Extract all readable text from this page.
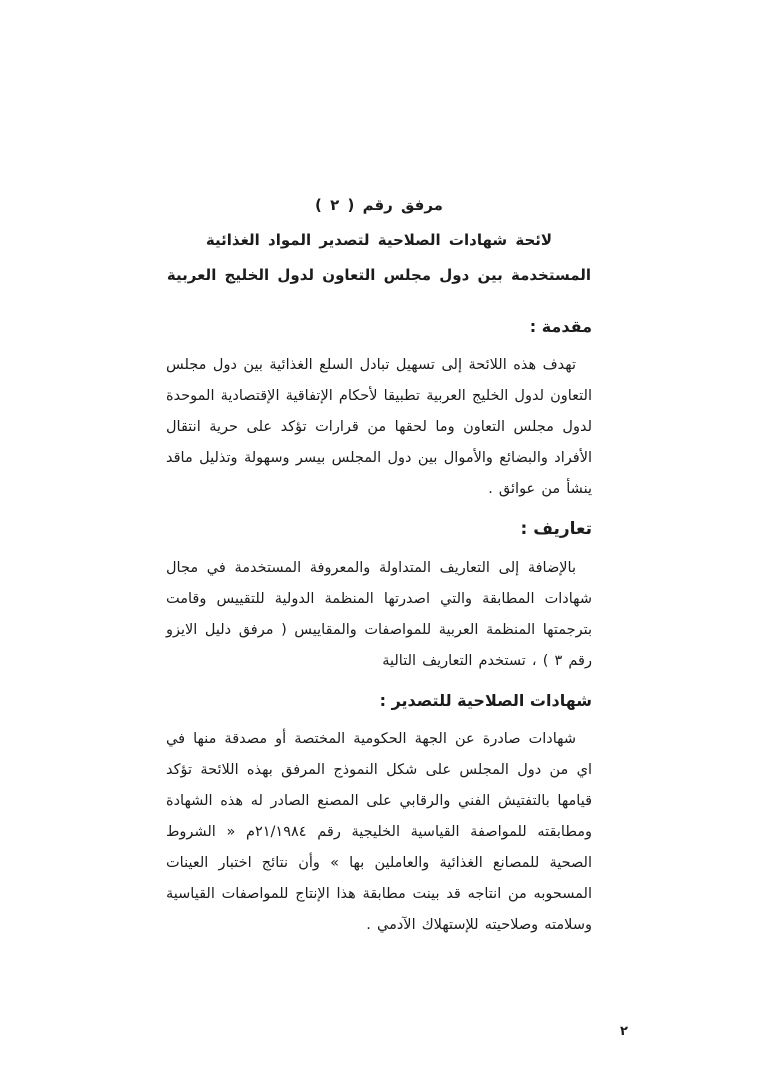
مرفق رقم ( ٢ )
لائحة شهادات الصلاحية لتصدير المواد الغذائية
المستخدمة بين دول مجلس التعاون لدول الخليج العربية
مقدمة :

تهدف هذه اللائحة إلى تسهيل تبادل السلع الغذائية بين دول مجلس التعاون لدول الخليج العربية تطبيقا لأحكام الإتفاقية الإقتصادية الموحدة لدول مجلس التعاون وما لحقها من قرارات تؤكد على حرية انتقال الأفراد والبضائع والأموال بين دول المجلس بيسر وسهولة وتذليل ماقد ينشأ من عوائق .

تعاريف :

بالإضافة إلى التعاريف المتداولة والمعروفة المستخدمة في مجال شهادات المطابقة والتي اصدرتها المنظمة الدولية للتقييس وقامت بترجمتها المنظمة العربية للمواصفات والمقاييس ( مرفق دليل الايزو رقم ٣ ) ، تستخدم التعاريف التالية

شهادات الصلاحية للتصدير :

شهادات صادرة عن الجهة الحكومية المختصة أو مصدقة منها في اي من دول المجلس على شكل النموذج المرفق بهذه اللائحة تؤكد قيامها بالتفتيش الفني والرقابي على المصنع الصادر له هذه الشهادة ومطابقته للمواصفة القياسية الخليجية رقم ٢١/١٩٨٤م « الشروط الصحية للمصانع الغذائية والعاملين بها » وأن نتائج اختبار العينات المسحوبه من انتاجه قد بينت مطابقة هذا الإنتاج للمواصفات القياسية وسلامته وصلاحيته للإستهلاك الآدمي .

٢
